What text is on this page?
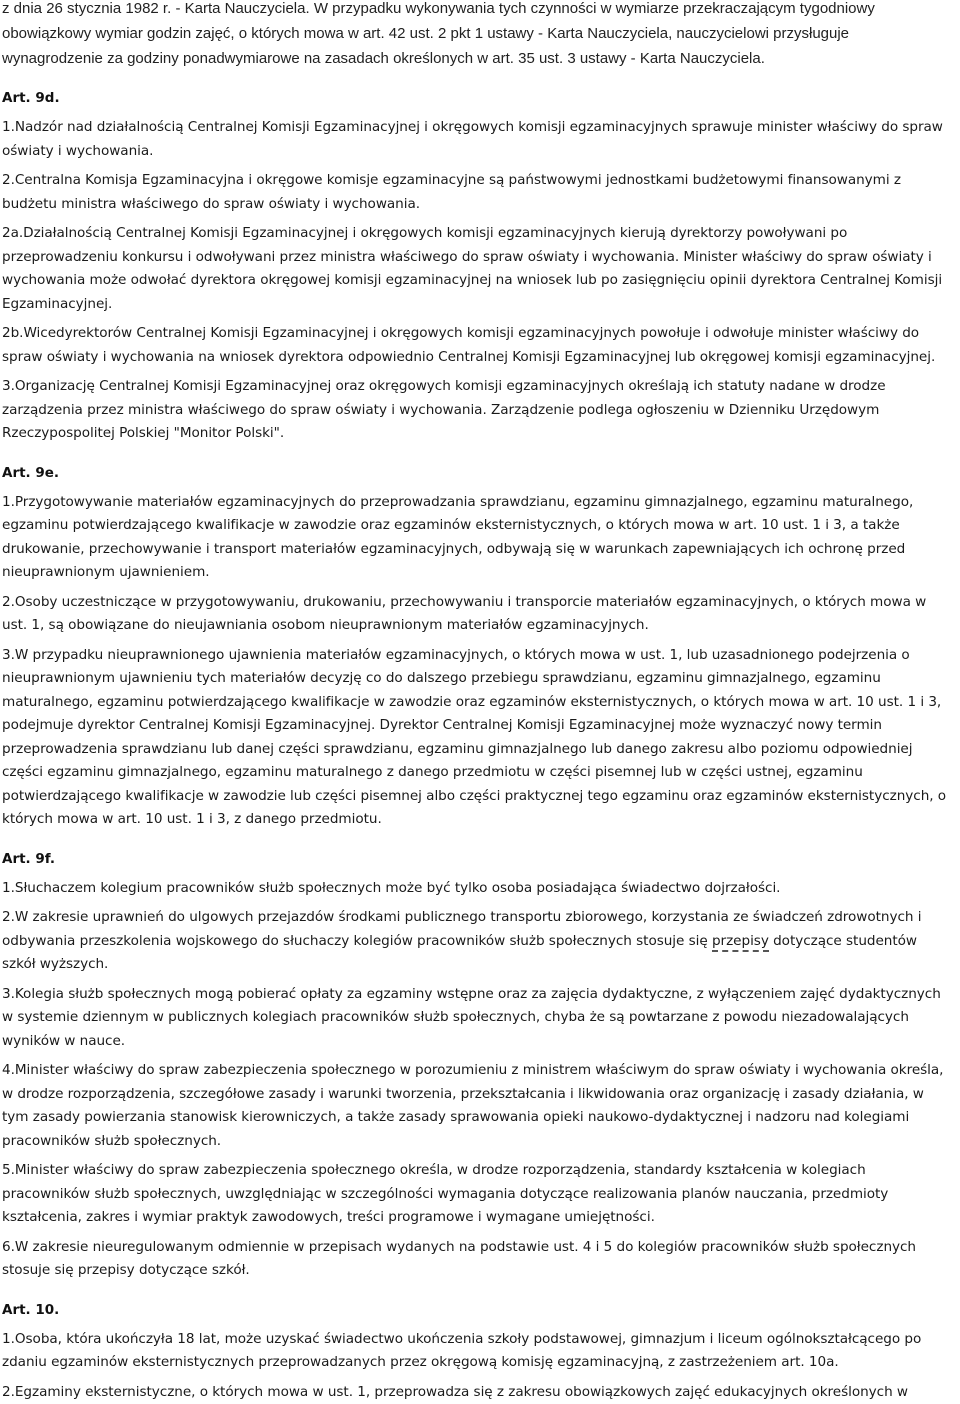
z dnia 26 stycznia 1982 r. - Karta Nauczyciela. W przypadku wykonywania tych czynności w wymiarze przekraczającym tygodniowy

obowiązkowy wymiar godzin zajęć, o których mowa w art. 42 ust. 2 pkt 1 ustawy - Karta Nauczyciela, nauczycielowi przysługuje

wynagrodzenie za godziny ponadwymiarowe na zasadach określonych w art. 35 ust. 3 ustawy - Karta Nauczyciela.

Art. 9d.

1.Nadzór nad działalnością Centralnej Komisji Egzaminacyjnej i okręgowych komisji egzaminacyjnych sprawuje minister właściwy do spraw oświaty i wychowania.

2.Centralna Komisja Egzaminacyjna i okręgowe komisje egzaminacyjne są państwowymi jednostkami budżetowymi finansowanymi z budżetu ministra właściwego do spraw oświaty i wychowania.

2a.Działalnością Centralnej Komisji Egzaminacyjnej i okręgowych komisji egzaminacyjnych kierują dyrektorzy powoływani po przeprowadzeniu konkursu i odwoływani przez ministra właściwego do spraw oświaty i wychowania. Minister właściwy do spraw oświaty i wychowania może odwołać dyrektora okręgowej komisji egzaminacyjnej na wniosek lub po zasięgnięciu opinii dyrektora Centralnej Komisji Egzaminacyjnej.

2b.Wicedyrektorów Centralnej Komisji Egzaminacyjnej i okręgowych komisji egzaminacyjnych powołuje i odwołuje minister właściwy do spraw oświaty i wychowania na wniosek dyrektora odpowiednio Centralnej Komisji Egzaminacyjnej lub okręgowej komisji egzaminacyjnej.

3.Organizację Centralnej Komisji Egzaminacyjnej oraz okręgowych komisji egzaminacyjnych określają ich statuty nadane w drodze zarządzenia przez ministra właściwego do spraw oświaty i wychowania. Zarządzenie podlega ogłoszeniu w Dzienniku Urzędowym Rzeczypospolitej Polskiej "Monitor Polski".

Art. 9e.

1.Przygotowywanie materiałów egzaminacyjnych do przeprowadzania sprawdzianu, egzaminu gimnazjalnego, egzaminu maturalnego, egzaminu potwierdzającego kwalifikacje w zawodzie oraz egzaminów eksternistycznych, o których mowa w art. 10 ust. 1 i 3, a także drukowanie, przechowywanie i transport materiałów egzaminacyjnych, odbywają się w warunkach zapewniających ich ochronę przed nieuprawnionym ujawnieniem.

2.Osoby uczestniczące w przygotowywaniu, drukowaniu, przechowywaniu i transporcie materiałów egzaminacyjnych, o których mowa w ust. 1, są obowiązane do nieujawniania osobom nieuprawnionym materiałów egzaminacyjnych.

3.W przypadku nieuprawnionego ujawnienia materiałów egzaminacyjnych, o których mowa w ust. 1, lub uzasadnionego podejrzenia o nieuprawnionym ujawnieniu tych materiałów decyzję co do dalszego przebiegu sprawdzianu, egzaminu gimnazjalnego, egzaminu maturalnego, egzaminu potwierdzającego kwalifikacje w zawodzie oraz egzaminów eksternistycznych, o których mowa w art. 10 ust. 1 i 3, podejmuje dyrektor Centralnej Komisji Egzaminacyjnej. Dyrektor Centralnej Komisji Egzaminacyjnej może wyznaczyć nowy termin przeprowadzenia sprawdzianu lub danej części sprawdzianu, egzaminu gimnazjalnego lub danego zakresu albo poziomu odpowiedniej części egzaminu gimnazjalnego, egzaminu maturalnego z danego przedmiotu w części pisemnej lub w części ustnej, egzaminu potwierdzającego kwalifikacje w zawodzie lub części pisemnej albo części praktycznej tego egzaminu oraz egzaminów eksternistycznych, o których mowa w art. 10 ust. 1 i 3, z danego przedmiotu.

Art. 9f.

1.Słuchaczem kolegium pracowników służb społecznych może być tylko osoba posiadająca świadectwo dojrzałości.

2.W zakresie uprawnień do ulgowych przejazdów środkami publicznego transportu zbiorowego, korzystania ze świadczeń zdrowotnych i odbywania przeszkolenia wojskowego do słuchaczy kolegiów pracowników służb społecznych stosuje się przepisy dotyczące studentów szkół wyższych.

3.Kolegia służb społecznych mogą pobierać opłaty za egzaminy wstępne oraz za zajęcia dydaktyczne, z wyłączeniem zajęć dydaktycznych w systemie dziennym w publicznych kolegiach pracowników służb społecznych, chyba że są powtarzane z powodu niezadowalających wyników w nauce.

4.Minister właściwy do spraw zabezpieczenia społecznego w porozumieniu z ministrem właściwym do spraw oświaty i wychowania określa, w drodze rozporządzenia, szczegółowe zasady i warunki tworzenia, przekształcania i likwidowania oraz organizację i zasady działania, w tym zasady powierzania stanowisk kierowniczych, a także zasady sprawowania opieki naukowo-dydaktycznej i nadzoru nad kolegiami pracowników służb społecznych.

5.Minister właściwy do spraw zabezpieczenia społecznego określa, w drodze rozporządzenia, standardy kształcenia w kolegiach pracowników służb społecznych, uwzględniając w szczególności wymagania dotyczące realizowania planów nauczania, przedmioty kształcenia, zakres i wymiar praktyk zawodowych, treści programowe i wymagane umiejętności.

6.W zakresie nieuregulowanym odmiennie w przepisach wydanych na podstawie ust. 4 i 5 do kolegiów pracowników służb społecznych stosuje się przepisy dotyczące szkół.

Art. 10.

1.Osoba, która ukończyła 18 lat, może uzyskać świadectwo ukończenia szkoły podstawowej, gimnazjum i liceum ogólnokształcącego po zdaniu egzaminów eksternistycznych przeprowadzanych przez okręgową komisję egzaminacyjną, z zastrzeżeniem art. 10a.

2.Egzaminy eksternistyczne, o których mowa w ust. 1, przeprowadza się z zakresu obowiązkowych zajęć edukacyjnych określonych w
